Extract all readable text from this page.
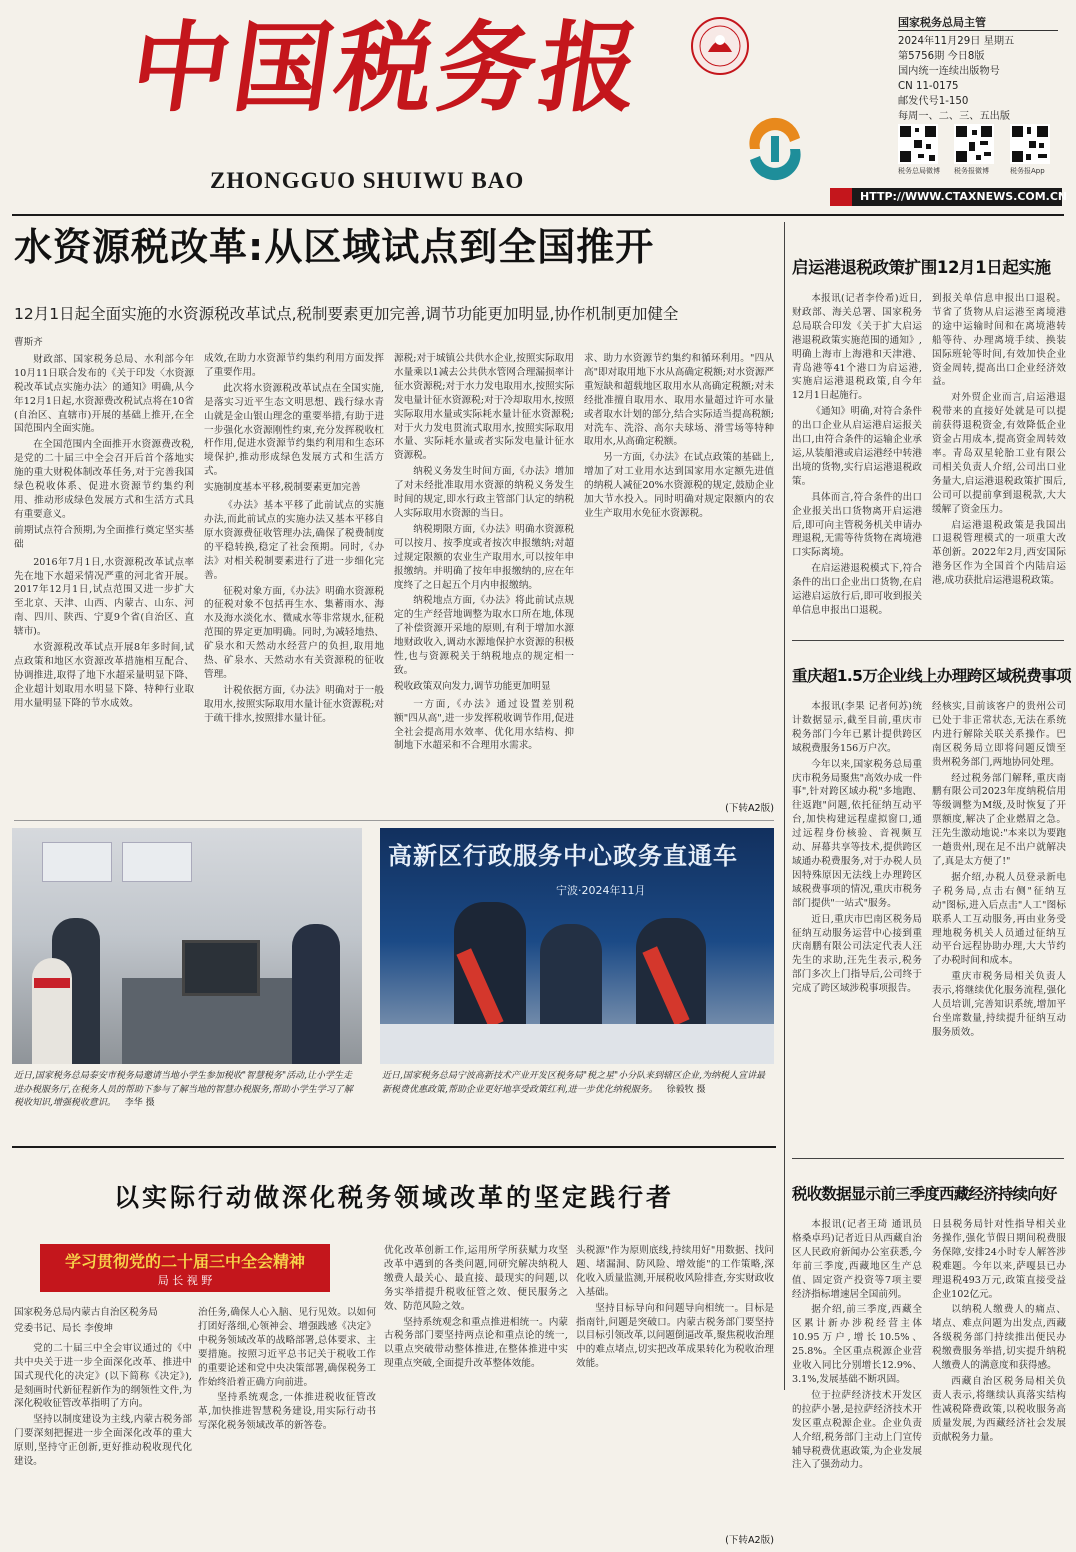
中国税务报
ZHONGGUO SHUIWU BAO
国家税务总局主管
2024年11月29日 星期五
第5756期 今日8版
国内统一连续出版物号
CN 11-0175
邮发代号1-150
每周一、二、三、五出版
税务总局微博 税务报微博	税务报App
HTTP://WWW.CTAXNEWS.COM.CN
水资源税改革:从区域试点到全国推开
12月1日起全面实施的水资源税改革试点,税制要素更加完善,调节功能更加明显,协作机制更加健全

曹斯齐

财政部、国家税务总局、水利部今年10月11日联合发布的《关于印发〈水资源税改革试点实施办法〉的通知》明确,从今年12月1日起,水资源费改税试点将在10省(自治区、直辖市)开展的基础上推开,在全国范围内全面实施。

在全国范围内全面推开水资源费改税,是党的二十届三中全会召开后首个落地实施的重大财税体制改革任务,对于完善我国绿色税收体系、促进水资源节约集约利用、推动形成绿色发展方式和生活方式具有重要意义。

前期试点符合预期,为全面推行奠定坚实基础

2016年7月1日,水资源税改革试点率先在地下水超采情况严重的河北省开展。2017年12月1日,试点范围又进一步扩大至北京、天津、山西、内蒙古、山东、河南、四川、陕西、宁夏9个省(自治区、直辖市)。

水资源税改革试点开展8年多时间,试点政策和地区水资源改革措施相互配合、协调推进,取得了地下水超采量明显下降、企业超计划取用水明显下降、特种行业取用水量明显下降的节水成效。

成效,在助力水资源节约集约利用方面发挥了重要作用。

此次将水资源税改革试点在全国实施,是落实习近平生态文明思想、践行绿水青山就是金山银山理念的重要举措,有助于进一步强化水资源刚性约束,充分发挥税收杠杆作用,促进水资源节约集约利用和生态环境保护,推动形成绿色发展方式和生活方式。

实施制度基本平移,税制要素更加完善

《办法》基本平移了此前试点的实施办法,而此前试点的实施办法又基本平移自原水资源费征收管理办法,确保了税费制度的平稳转换,稳定了社会预期。同时,《办法》对相关税制要素进行了进一步细化完善。

征税对象方面,《办法》明确水资源税的征税对象不包括再生水、集蓄雨水、海水及海水淡化水、微咸水等非常规水,征税范围的界定更加明确。同时,为减轻地热、矿泉水和天然动水经营户的负担,取用地热、矿泉水、天然动水有关资源税的征收管理。

计税依据方面,《办法》明确对于一般取用水,按照实际取用水量计征水资源税;对于疏干排水,按照排水量计征。

源税;对于城镇公共供水企业,按照实际取用水量乘以1减去公共供水管网合理漏损率计征水资源税;对于水力发电取用水,按照实际发电量计征水资源税;对于冷却取用水,按照实际取用水量或实际耗水量计征水资源税;对于火力发电贯流式取用水,按照实际取用水量、实际耗水量或者实际发电量计征水资源税。

纳税义务发生时间方面,《办法》增加了对未经批准取用水资源的纳税义务发生时间的规定,即水行政主管部门认定的纳税人实际取用水资源的当日。

纳税期限方面,《办法》明确水资源税可以按月、按季度或者按次申报缴纳;对超过规定限额的农业生产取用水,可以按年申报缴纳。并明确了按年申报缴纳的,应在年度终了之日起五个月内申报缴纳。

纳税地点方面,《办法》将此前试点规定的生产经营地调整为取水口所在地,体现了补偿资源开采地的原则,有利于增加水源地财政收入,调动水源地保护水资源的积极性,也与资源税关于纳税地点的规定相一致。

税收政策双向发力,调节功能更加明显

一方面,《办法》通过设置差别税额"四从高",进一步发挥税收调节作用,促进全社会提高用水效率、优化用水结构、抑制地下水超采和不合理用水需求。

求、助力水资源节约集约和循环利用。"四从高"即对取用地下水从高确定税额;对水资源严重短缺和超载地区取用水从高确定税额;对未经批准擅自取用水、取用水量超过许可水量或者取水计划的部分,结合实际适当提高税额;对洗车、洗浴、高尔夫球场、滑雪场等特种取用水,从高确定税额。

另一方面,《办法》在试点政策的基础上,增加了对工业用水达到国家用水定额先进值的纳税人减征20%水资源税的规定,鼓励企业加大节水投入。同时明确对规定限额内的农业生产取用水免征水资源税。

(下转A2版)
近日,国家税务总局泰安市税务局邀请当地小学生参加税收"智慧税务"活动,让小学生走进办税服务厅,在税务人员的帮助下参与了解当地的智慧办税服务,帮助小学生学习了解税收知识,增强税收意识。 李华 摄
高新区行政服务中心政务直通车
宁波·2024年11月
近日,国家税务总局宁波高新技术产业开发区税务局"税之星"小分队来到辖区企业,为纳税人宣讲最新税费优惠政策,帮助企业更好地享受政策红利,进一步优化纳税服务。 徐毅牧 摄
启运港退税政策扩围12月1日起实施

本报讯(记者李伶希)近日,财政部、海关总署、国家税务总局联合印发《关于扩大启运港退税政策实施范围的通知》,明确上海市上海港和天津港、青岛港等41个港口为启运港,实施启运港退税政策,自今年12月1日起施行。

《通知》明确,对符合条件的出口企业从启运港启运报关出口,由符合条件的运输企业承运,从装船港或启运港经中转港出境的货物,实行启运港退税政策。

具体而言,符合条件的出口企业报关出口货物离开启运港后,即可向主管税务机关申请办理退税,无需等待货物在离境港口实际离境。

在启运港退税模式下,符合条件的出口企业出口货物,在启运港启运放行后,即可收到报关单信息申报出口退税。

到报关单信息申报出口退税。节省了货物从启运港至离境港的途中运输时间和在离境港转船等待、办理离境手续、换装国际班轮等时间,有效加快企业资金周转,提高出口企业经济效益。

对外贸企业而言,启运港退税带来的直接好处就是可以提前获得退税资金,有效降低企业资金占用成本,提高资金周转效率。青岛双星轮胎工业有限公司相关负责人介绍,公司出口业务量大,启运港退税政策扩围后,公司可以提前拿到退税款,大大缓解了资金压力。

启运港退税政策是我国出口退税管理模式的一项重大改革创新。2022年2月,西安国际港务区作为全国首个内陆启运港,成功获批启运港退税政策。

重庆超1.5万企业线上办理跨区域税费事项

本报讯(李果 记者何苏)统计数据显示,截至目前,重庆市税务部门今年已累计提供跨区域税费服务156万户次。

今年以来,国家税务总局重庆市税务局聚焦"高效办成一件事",针对跨区域办税"多地跑、往返跑"问题,依托征纳互动平台,加快构建远程虚拟窗口,通过远程身份核验、音视频互动、屏幕共享等技术,提供跨区域通办税费服务,对于办税人员因特殊原因无法线上办理跨区域税费事项的情况,重庆市税务部门提供"一站式"服务。

近日,重庆市巴南区税务局征纳互动服务运营中心接到重庆南鹏有限公司法定代表人汪先生的求助,汪先生表示,税务部门多次上门指导后,公司终于完成了跨区域涉税事项报告。

经核实,目前该客户的贵州公司已处于非正常状态,无法在系统内进行解除关联关系操作。巴南区税务局立即将问题反馈至贵州税务部门,两地协同处理。

经过税务部门解释,重庆南鹏有限公司2023年度纳税信用等级调整为M级,及时恢复了开票额度,解决了企业燃眉之急。汪先生激动地说:"本来以为要跑一趟贵州,现在足不出户就解决了,真是太方便了!"

据介绍,办税人员登录新电子税务局,点击右侧"征纳互动"图标,进入后点击"人工"图标联系人工互动服务,再由业务受理地税务机关人员通过征纳互动平台远程协助办理,大大节约了办税时间和成本。

重庆市税务局相关负责人表示,将继续优化服务流程,强化人员培训,完善知识系统,增加平台坐席数量,持续提升征纳互动服务质效。

税收数据显示前三季度西藏经济持续向好

本报讯(记者王琦 通讯员格桑卓玛)记者近日从西藏自治区人民政府新闻办公室获悉,今年前三季度,西藏地区生产总值、固定资产投资等7项主要经济指标增速居全国前列。

据介绍,前三季度,西藏全区累计新办涉税经营主体10.95万户,增长10.5%、25.8%。全区重点税源企业营业收入同比分别增长12.9%、3.1%,发展基础不断巩固。

位于拉萨经济技术开发区的拉萨小暑,是拉萨经济技术开发区重点税源企业。企业负责人介绍,税务部门主动上门宣传辅导税费优惠政策,为企业发展注入了强劲动力。

日县税务局针对性指导相关业务操作,强化节假日期间税费服务保障,安排24小时专人解答涉税难题。今年以来,萨嘎县已办理退税493万元,政策直接受益企业102亿元。

以纳税人缴费人的痛点、堵点、难点问题为出发点,西藏各级税务部门持续推出便民办税缴费服务举措,切实提升纳税人缴费人的满意度和获得感。

西藏自治区税务局相关负责人表示,将继续认真落实结构性减税降费政策,以税收服务高质量发展,为西藏经济社会发展贡献税务力量。

以实际行动做深化税务领域改革的坚定践行者
学习贯彻党的二十届三中全会精神
局 长 视 野

国家税务总局内蒙古自治区税务局

党委书记、局长 李俊坤

党的二十届三中全会审议通过的《中共中央关于进一步全面深化改革、推进中国式现代化的决定》(以下简称《决定》),是刻画时代新征程新作为的纲领性文件,为深化税收征管改革指明了方向。

坚持以制度建设为主线,内蒙古税务部门要深刻把握进一步全面深化改革的重大原则,坚持守正创新,更好推动税收现代化建设。

治任务,确保人心入脑、见行见效。以如何打团好落细,心领神会、增强践感《决定》中税务领域改革的战略部署,总体要求、主要措施。按照习近平总书记关于税收工作的重要论述和党中央决策部署,确保税务工作始终沿着正确方向前进。

坚持系统观念,一体推进税收征管改革,加快推进智慧税务建设,用实际行动书写深化税务领域改革的新答卷。

优化改革创新工作,运用所学所获赋力攻坚改革中遇到的各类问题,同研究解决纳税人缴费人最关心、最直接、最现实的问题,以务实举措提升税收征管之效、便民服务之效、防范风险之效。

坚持系统观念和重点推进相统一。内蒙古税务部门要坚持两点论和重点论的统一,以重点突破带动整体推进,在整体推进中实现重点突破,全面提升改革整体效能。

头税源"作为原则底线,持续用好"用数据、找问题、堵漏洞、防风险、增效能"的工作策略,深化收入质量监测,开展税收风险排查,夯实财政收入基础。

坚持目标导向和问题导向相统一。目标是指南针,问题是突破口。内蒙古税务部门要坚持以目标引领改革,以问题倒逼改革,聚焦税收治理中的难点堵点,切实把改革成果转化为税收治理效能。

(下转A2版)
